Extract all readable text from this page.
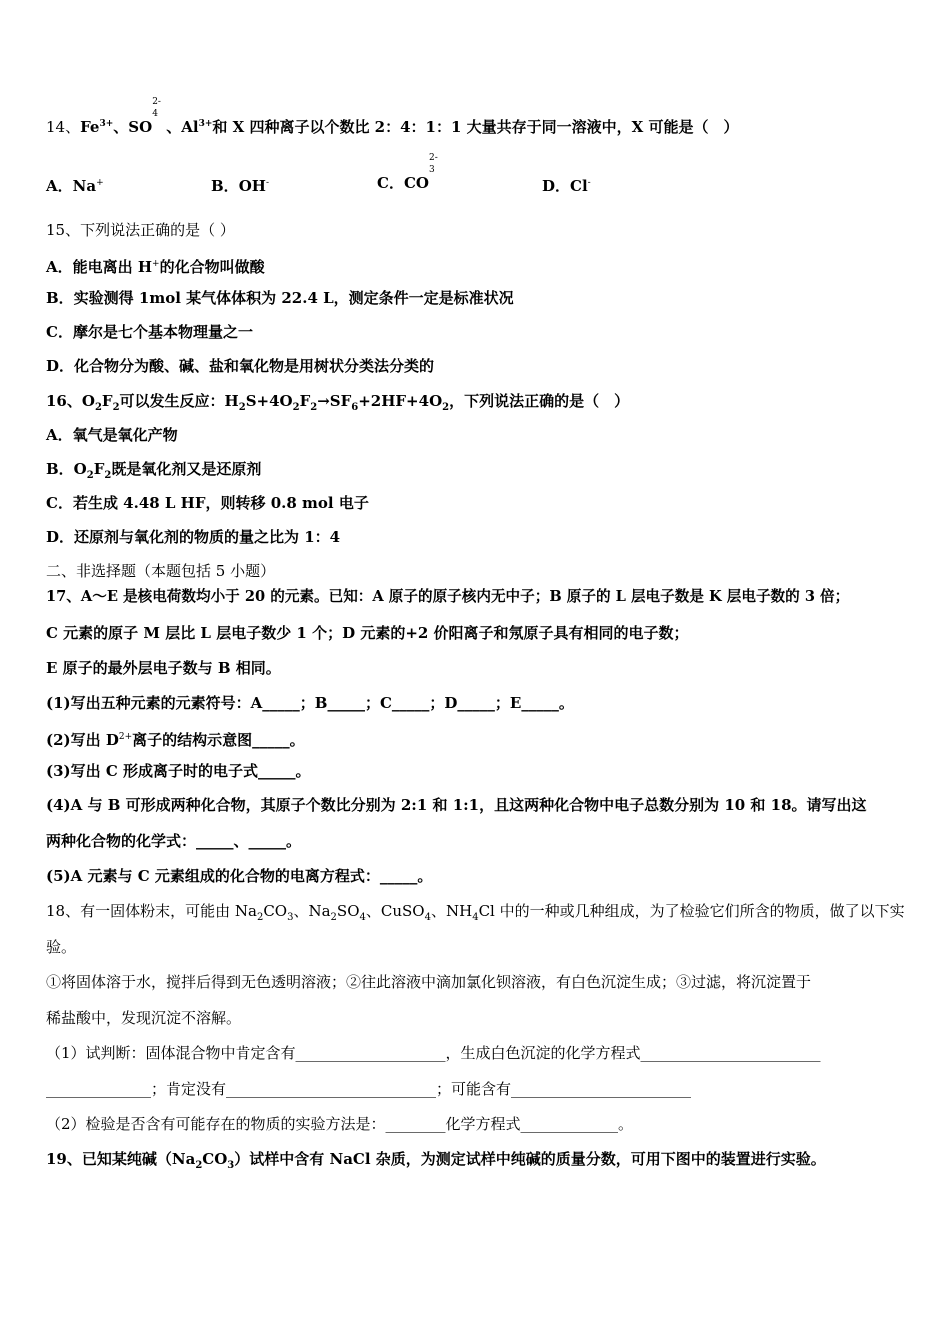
14、$Fe^{3+}$、SO
2-
4
、$Al^{3+}$和 X 四种离子以个数比 2：4：1：1 大量共存于同一溶液中，X 可能是（　）
A．Na+	B．OH-	C．CO
2-
3
D．Cl-
15、下列说法正确的是（ ）
A．能电离出 H+的化合物叫做酸
B．实验测得 1mol 某气体体积为 22.4 L，测定条件一定是标准状况
C．摩尔是七个基本物理量之一
D．化合物分为酸、碱、盐和氧化物是用树状分类法分类的
16、$O_2F_2$可以发生反应：$H_2S+4O_2F_2\to SF_6+2HF+4O_2$，下列说法正确的是（　）
A．氧气是氧化产物
B．$O_2F_2$既是氧化剂又是还原剂
C．若生成 4.48 L HF，则转移 0.8 mol 电子
D．还原剂与氧化剂的物质的量之比为 1：4
二、非选择题（本题包括 5 小题）
17、A～E 是核电荷数均小于 20 的元素。已知：A 原子的原子核内无中子；B 原子的 L 层电子数是 K 层电子数的 3 倍；
C 元素的原子 M 层比 L 层电子数少 1 个；D 元素的+2 价阳离子和氖原子具有相同的电子数；
E 原子的最外层电子数与 B 相同。
(1)写出五种元素的元素符号：A_____；B_____；C_____；D_____；E_____。
(2)写出 $D^{2+}$离子的结构示意图_____。
(3)写出 C 形成离子时的电子式_____。
(4)A 与 B 可形成两种化合物，其原子个数比分别为 2:1 和 1:1，且这两种化合物中电子总数分别为 10 和 18。请写出这
两种化合物的化学式：_____、_____。
(5)A 元素与 C 元素组成的化合物的电离方程式：_____。
18、有一固体粉末，可能由 $Na_2CO_3$、$Na_2SO_4$、CuSO$_4$、$NH_4Cl$ 中的一种或几种组成，为了检验它们所含的物质，做了以下实
验。
①将固体溶于水，搅拌后得到无色透明溶液；②往此溶液中滴加氯化钡溶液，有白色沉淀生成；③过滤，将沉淀置于
稀盐酸中，发现沉淀不溶解。
（1）试判断：固体混合物中肯定含有____________________，生成白色沉淀的化学方程式________________________
______________；肯定没有____________________________；可能含有________________________
（2）检验是否含有可能存在的物质的实验方法是：________化学方程式_____________。
19、已知某纯碱$(Na_2CO_3)$试样中含有 NaCl 杂质，为测定试样中纯碱的质量分数，可用下图中的装置进行实验。
